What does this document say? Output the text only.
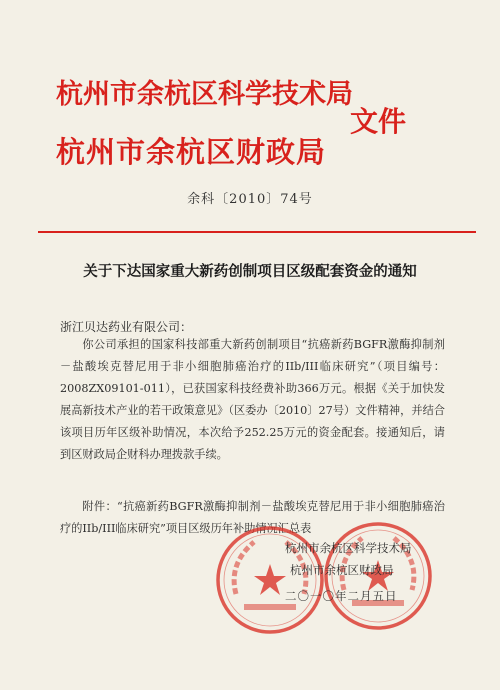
杭州市余杭区科学技术局
杭州市余杭区财政局
文件
余科〔2010〕74号
关于下达国家重大新药创制项目区级配套资金的通知
浙江贝达药业有限公司：
你公司承担的国家科技部重大新药创制项目“抗癌新药BGFR激酶抑制剂－盐酸埃克替尼用于非小细胞肺癌治疗的IIb/III临床研究”（项目编号：2008ZX09101-011），已获国家科技经费补助366万元。根据《关于加快发展高新技术产业的若干政策意见》（区委办〔2010〕27号）文件精神，并结合该项目历年区级补助情况，本次给予252.25万元的资金配套。接通知后，请到区财政局企财科办理拨款手续。
附件：“抗癌新药BGFR激酶抑制剂－盐酸埃克替尼用于非小细胞肺癌治疗的IIb/III临床研究”项目区级历年补助情况汇总表
杭州市余杭区科学技术局
杭州市余杭区财政局
二〇一〇年二月五日
